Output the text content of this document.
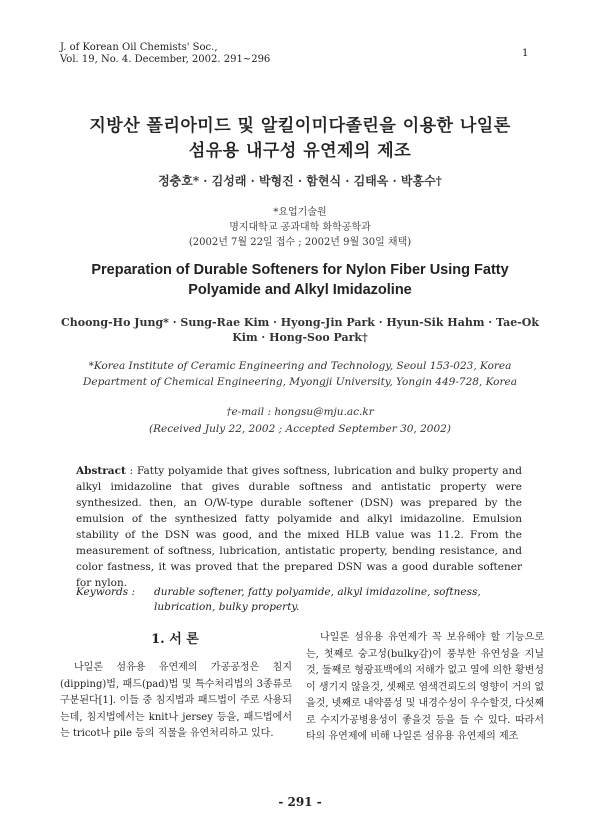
J. of Korean Oil Chemists' Soc.,
Vol. 19, No. 4. December, 2002. 291~296
1
지방산 폴리아미드 및 알킬이미다졸린을 이용한 나일론
섬유용 내구성 유연제의 제조
정충호* · 김성래 · 박형진 · 함현식 · 김태옥 · 박홍수†
*요업기술원
명지대학교 공과대학 화학공학과
(2002년 7월 22일 접수 ; 2002년 9월 30일 채택)
Preparation of Durable Softeners for Nylon Fiber Using Fatty
Polyamide and Alkyl Imidazoline
Choong-Ho Jung* · Sung-Rae Kim · Hyong-Jin Park · Hyun-Sik Hahm · Tae-Ok
Kim · Hong-Soo Park†
*Korea Institute of Ceramic Engineering and Technology, Seoul 153-023, Korea
Department of Chemical Engineering, Myongji University, Yongin 449-728, Korea
†e-mail : hongsu@mju.ac.kr
(Received July 22, 2002 ; Accepted September 30, 2002)
Abstract : Fatty polyamide that gives softness, lubrication and bulky property and alkyl imidazoline that gives durable softness and antistatic property were synthesized. then, an O/W-type durable softener (DSN) was prepared by the emulsion of the synthesized fatty polyamide and alkyl imidazoline. Emulsion stability of the DSN was good, and the mixed HLB value was 11.2. From the measurement of softness, lubrication, antistatic property, bending resistance, and color fastness, it was proved that the prepared DSN was a good durable softener for nylon.
Keywords : durable softener, fatty polyamide, alkyl imidazoline, softness, lubrication, bulky property.
1. 서 론
나일론 섬유용 유연제의 가공공정은 침지(dipping)법, 패드(pad)법 및 특수처리법의 3종류로 구분된다[1]. 이들 중 침지법과 패드법이 주로 사용되는데, 침지법에서는 knit나 jersey 등을, 패드법에서는 tricot나 pile 등의 직물을 유연처리하고 있다.
나일론 섬유용 유연제가 꼭 보유해야 할 기능으로는, 첫째로 숭고성(bulky감)이 풍부한 유연성을 지닐것, 둘째로 형광표백에의 저해가 없고 열에 의한 황변성이 생기지 않을것, 셋째로 염색견뢰도의 영향이 거의 없을것, 넷째로 내약품성 및 내경수성이 우수할것, 다섯째로 수지가공병용성이 좋을것 등을 들 수 있다. 따라서 타의 유연제에 비해 나일론 섬유용 유연제의 제조
- 291 -
